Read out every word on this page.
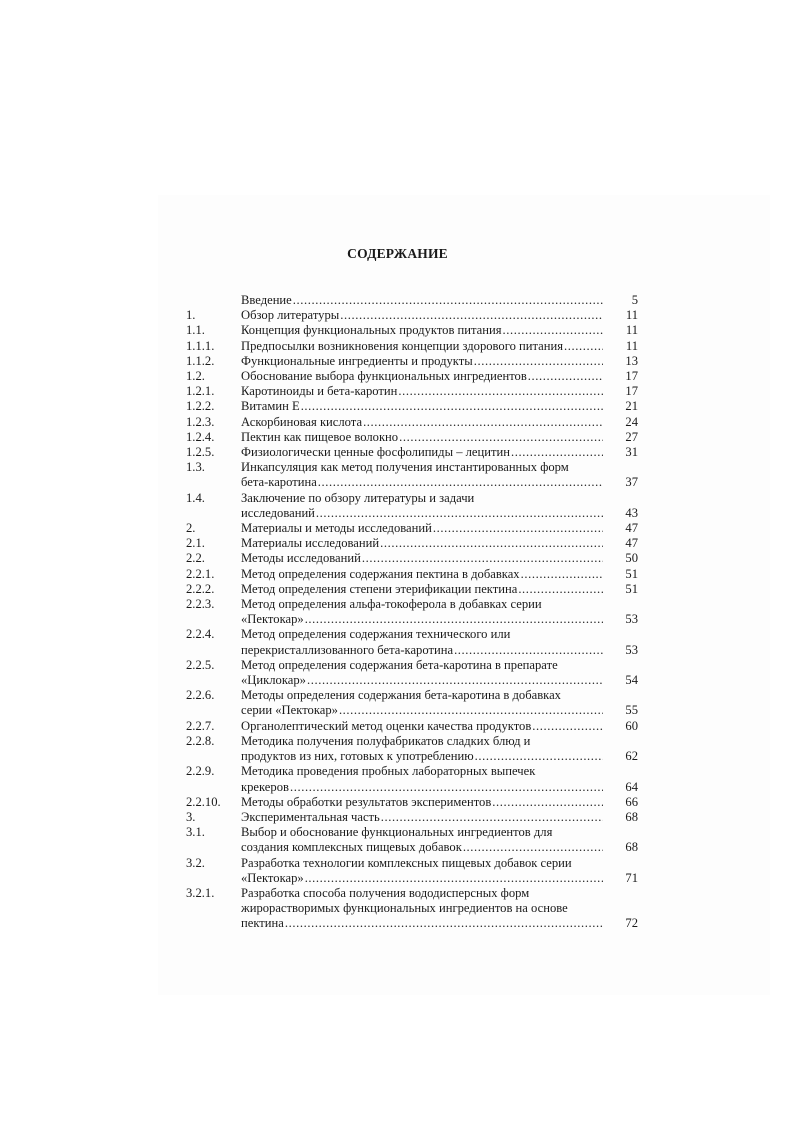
СОДЕРЖАНИЕ
Введение .....	5
1.	Обзор литературы .....	11
1.1.	Концепция функциональных продуктов питания .....	11
1.1.1.	Предпосылки возникновения концепции здорового питания .....	11
1.1.2.	Функциональные ингредиенты и продукты .....	13
1.2.	Обоснование выбора функциональных ингредиентов .....	17
1.2.1.	Каротиноиды и бета-каротин .....	17
1.2.2.	Витамин Е .....	21
1.2.3.	Аскорбиновая кислота .....	24
1.2.4.	Пектин как пищевое волокно .....	27
1.2.5.	Физиологически ценные фосфолипиды – лецитин .....	31
1.3.	Инкапсуляция как метод получения инстантированных форм
бета-каротина .....	37
1.4.	Заключение по обзору литературы и задачи
исследований .....	43
2.	Материалы и методы исследований .....	47
2.1.	Материалы исследований .....	47
2.2.	Методы исследований .....	50
2.2.1.	Метод определения содержания пектина в добавках .....	51
2.2.2.	Метод определения степени этерификации пектина .....	51
2.2.3.	Метод определения альфа-токоферола в добавках серии
«Пектокар» .....	53
2.2.4.	Метод определения содержания технического или
перекристаллизованного бета-каротина .....	53
2.2.5.	Метод определения содержания бета-каротина в препарате
«Циклокар» .....	54
2.2.6.	Методы определения содержания бета-каротина в добавках
серии «Пектокар» .....	55
2.2.7.	Органолептический метод оценки качества продуктов .....	60
2.2.8.	Методика получения полуфабрикатов сладких блюд и
продуктов из них, готовых к употреблению .....	62
2.2.9.	Методика проведения пробных лабораторных выпечек
крекеров .....	64
2.2.10.	Методы обработки результатов экспериментов .....	66
3.	Экспериментальная часть .....	68
3.1.	Выбор и обоснование функциональных ингредиентов для
создания комплексных пищевых добавок .....	68
3.2.	Разработка технологии комплексных пищевых добавок серии
«Пектокар» .....	71
3.2.1.	Разработка способа получения вододисперсных форм
жирорастворимых функциональных ингредиентов на основе
пектина .....	72
